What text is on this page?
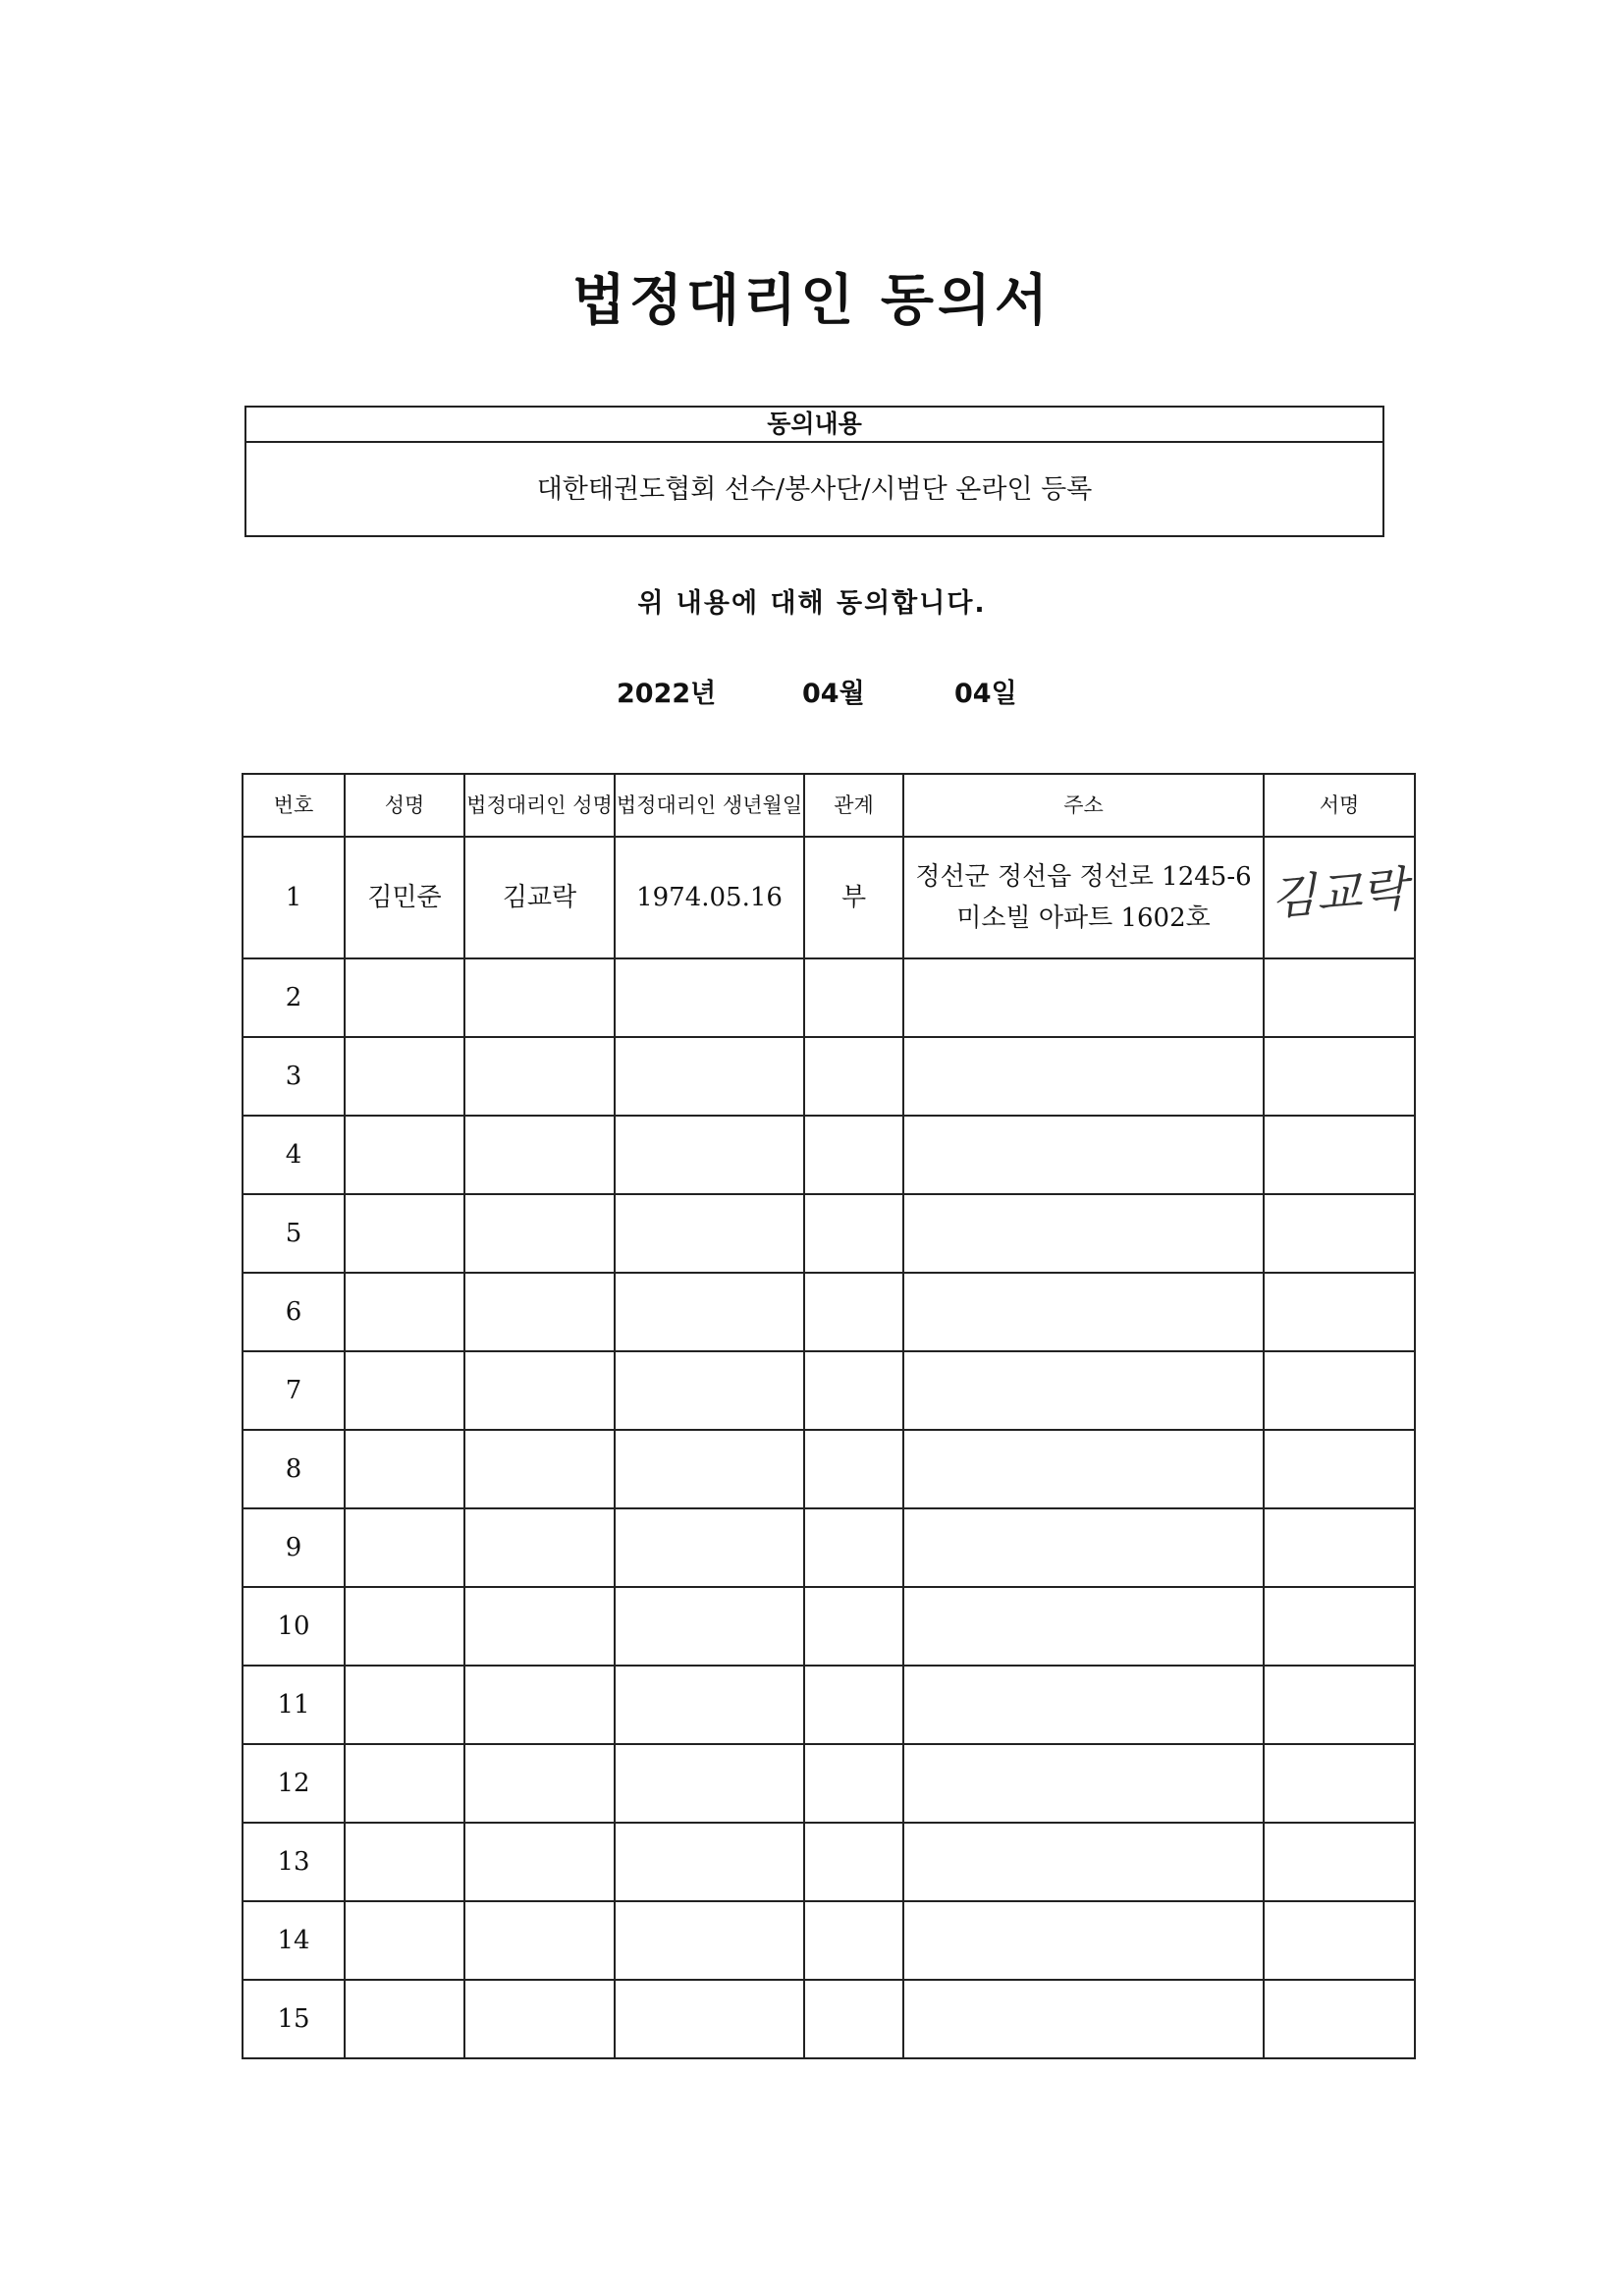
법정대리인 동의서
동의내용
대한태권도협회 선수/봉사단/시범단 온라인 등록
위 내용에 대해 동의합니다.
2022년	04월	04일
번호	성명	법정대리인 성명	법정대리인 생년월일	관계	주소	서명
1	김민준	김교락	1974.05.16	부	정선군 정선읍 정선로 1245-6 미소빌 아파트 1602호	김교락
2						
3						
4						
5						
6						
7						
8						
9						
10						
11						
12						
13						
14						
15						
